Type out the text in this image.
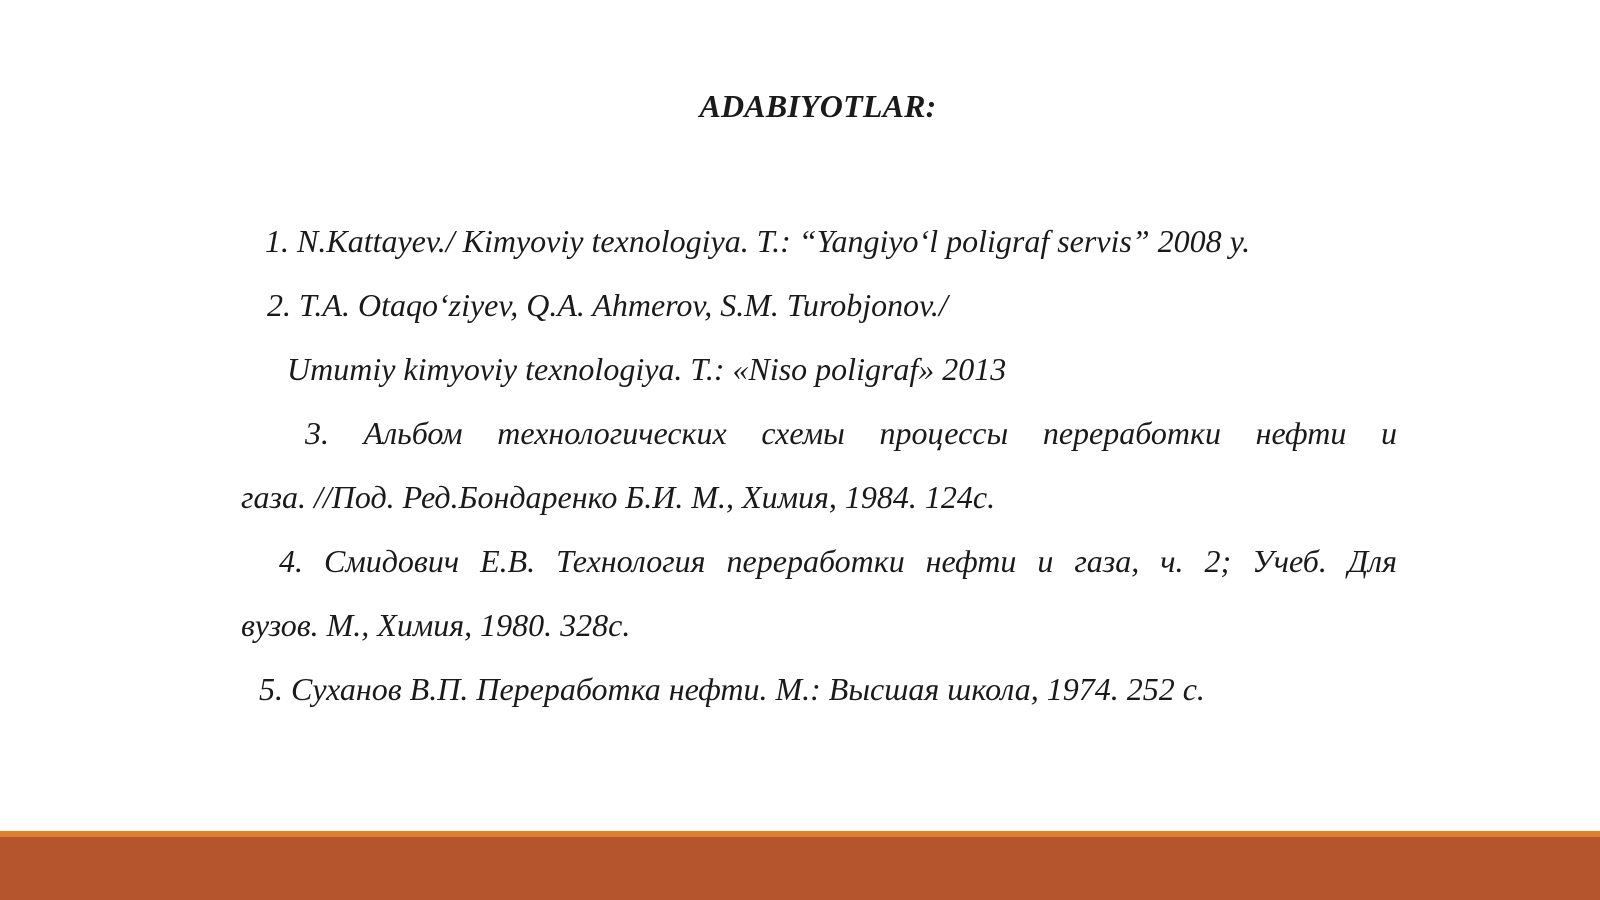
ADABIYOTLAR:
1. N.Kattayev./ Kimyoviy texnologiya. T.: “Yangiyo‘l poligraf servis” 2008 y.
2. T.A. Otaqo‘ziyev, Q.A. Ahmerov, S.M. Turobjonov./
Umumiy kimyoviy texnologiya. T.: «Niso poligraf» 2013
3. Альбом технологических схемы процессы переработки нефти и
газа. //Под. Ред.Бондаренко Б.И. М., Химия, 1984. 124с.
4. Смидович Е.В. Технология переработки нефти и газа, ч. 2; Учеб. Для
вузов. М., Химия, 1980. 328с.
5. Суханов В.П. Переработка нефти. М.: Высшая школа, 1974. 252 с.
